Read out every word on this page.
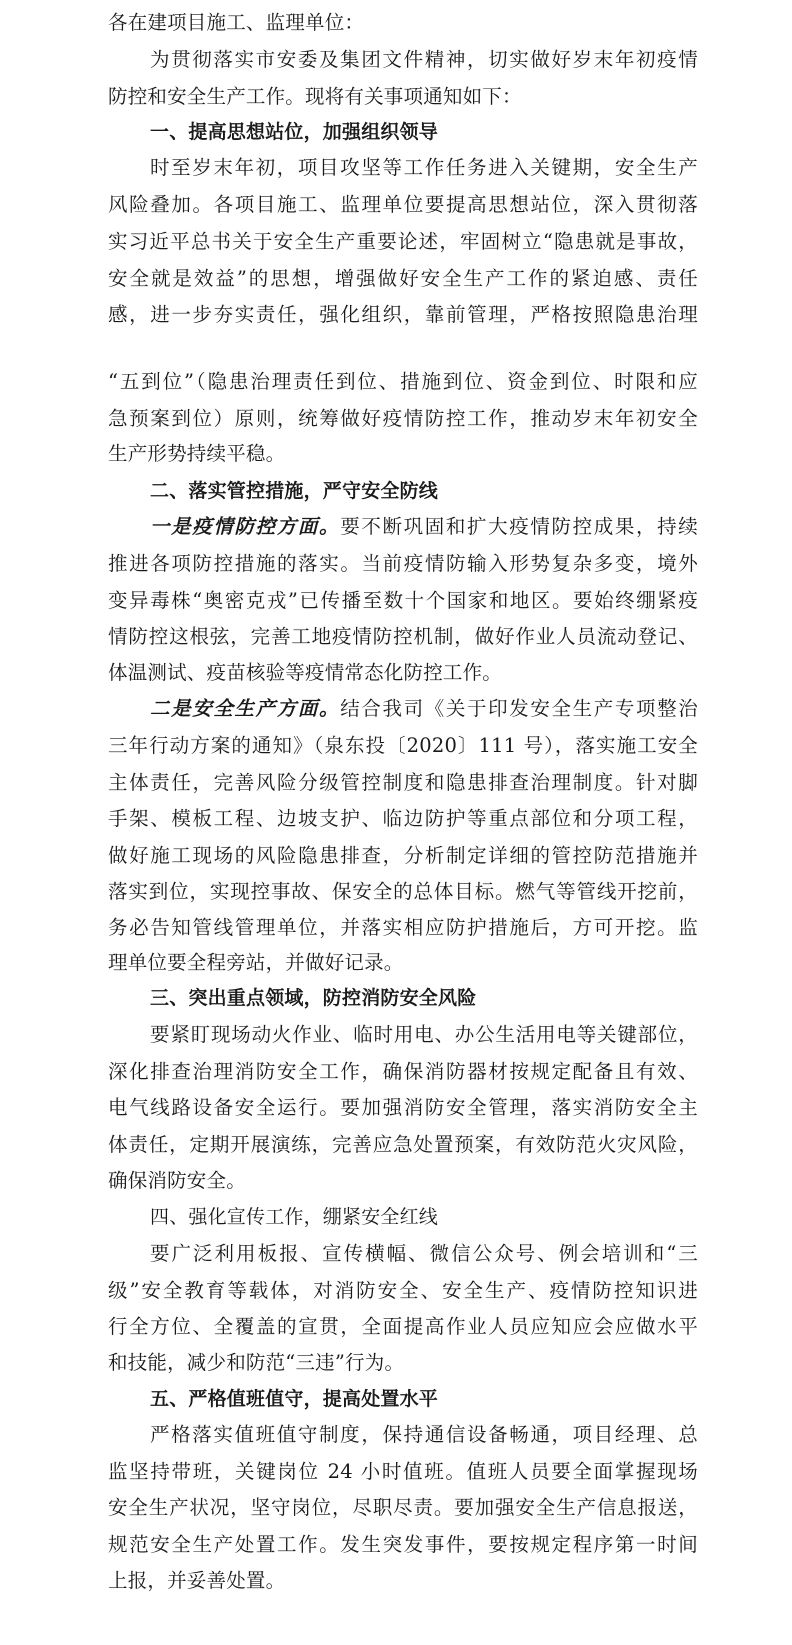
各在建项目施工、监理单位：
为贯彻落实市安委及集团文件精神，切实做好岁末年初疫情
防控和安全生产工作。现将有关事项通知如下：
一、提高思想站位，加强组织领导
时至岁末年初，项目攻坚等工作任务进入关键期，安全生产
风险叠加。各项目施工、监理单位要提高思想站位，深入贯彻落
实习近平总书关于安全生产重要论述，牢固树立“隐患就是事故，
安全就是效益”的思想，增强做好安全生产工作的紧迫感、责任
感，进一步夯实责任，强化组织，靠前管理，严格按照隐患治理
“五到位”（隐患治理责任到位、措施到位、资金到位、时限和应
急预案到位）原则，统筹做好疫情防控工作，推动岁末年初安全
生产形势持续平稳。
二、落实管控措施，严守安全防线
一是疫情防控方面。要不断巩固和扩大疫情防控成果，持续
推进各项防控措施的落实。当前疫情防输入形势复杂多变，境外
变异毒株“奥密克戎”已传播至数十个国家和地区。要始终绷紧疫
情防控这根弦，完善工地疫情防控机制，做好作业人员流动登记、
体温测试、疫苗核验等疫情常态化防控工作。
二是安全生产方面。结合我司《关于印发安全生产专项整治
三年行动方案的通知》（泉东投〔2020〕111 号），落实施工安全
主体责任，完善风险分级管控制度和隐患排查治理制度。针对脚
手架、模板工程、边坡支护、临边防护等重点部位和分项工程，
做好施工现场的风险隐患排查，分析制定详细的管控防范措施并
落实到位，实现控事故、保安全的总体目标。燃气等管线开挖前，
务必告知管线管理单位，并落实相应防护措施后，方可开挖。监
理单位要全程旁站，并做好记录。
三、突出重点领域，防控消防安全风险
要紧盯现场动火作业、临时用电、办公生活用电等关键部位，
深化排查治理消防安全工作，确保消防器材按规定配备且有效、
电气线路设备安全运行。要加强消防安全管理，落实消防安全主
体责任，定期开展演练，完善应急处置预案，有效防范火灾风险，
确保消防安全。
四、强化宣传工作，绷紧安全红线
要广泛利用板报、宣传横幅、微信公众号、例会培训和“三
级”安全教育等载体，对消防安全、安全生产、疫情防控知识进
行全方位、全覆盖的宣贯，全面提高作业人员应知应会应做水平
和技能，减少和防范“三违”行为。
五、严格值班值守，提高处置水平
严格落实值班值守制度，保持通信设备畅通，项目经理、总
监坚持带班，关键岗位 24 小时值班。值班人员要全面掌握现场
安全生产状况，坚守岗位，尽职尽责。要加强安全生产信息报送，
规范安全生产处置工作。发生突发事件，要按规定程序第一时间
上报，并妥善处置。
